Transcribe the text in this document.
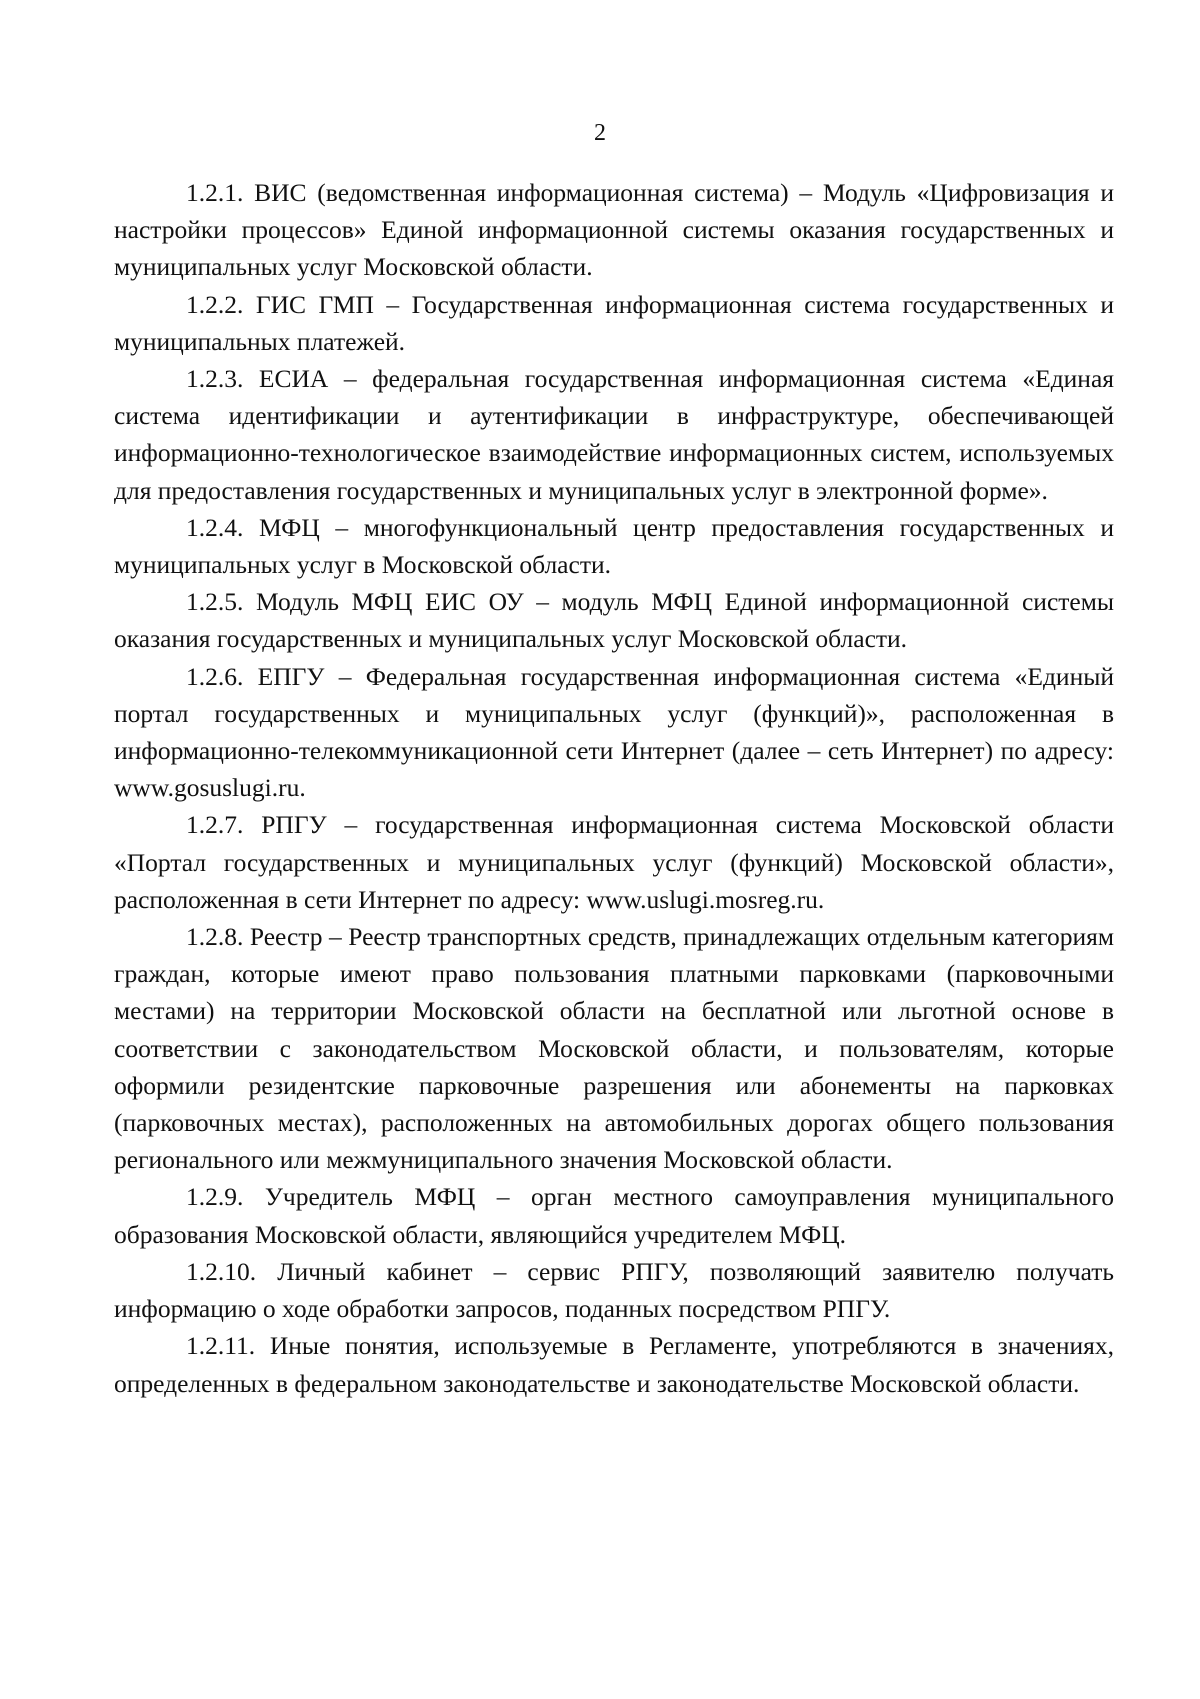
2

1.2.1. ВИС (ведомственная информационная система) – Модуль «Цифровизация и настройки процессов» Единой информационной системы оказания государственных и муниципальных услуг Московской области.

1.2.2. ГИС ГМП – Государственная информационная система государственных и муниципальных платежей.

1.2.3. ЕСИА – федеральная государственная информационная система «Единая система идентификации и аутентификации в инфраструктуре, обеспечивающей информационно-технологическое взаимодействие информационных систем, используемых для предоставления государственных и муниципальных услуг в электронной форме».

1.2.4. МФЦ – многофункциональный центр предоставления государственных и муниципальных услуг в Московской области.

1.2.5. Модуль МФЦ ЕИС ОУ – модуль МФЦ Единой информационной системы оказания государственных и муниципальных услуг Московской области.

1.2.6. ЕПГУ – Федеральная государственная информационная система «Единый портал государственных и муниципальных услуг (функций)», расположенная в информационно-телекоммуникационной сети Интернет (далее – сеть Интернет) по адресу: www.gosuslugi.ru.

1.2.7. РПГУ – государственная информационная система Московской области «Портал государственных и муниципальных услуг (функций) Московской области», расположенная в сети Интернет по адресу: www.uslugi.mosreg.ru.

1.2.8. Реестр – Реестр транспортных средств, принадлежащих отдельным категориям граждан, которые имеют право пользования платными парковками (парковочными местами) на территории Московской области на бесплатной или льготной основе в соответствии с законодательством Московской области, и пользователям, которые оформили резидентские парковочные разрешения или абонементы на парковках (парковочных местах), расположенных на автомобильных дорогах общего пользования регионального или межмуниципального значения Московской области.

1.2.9. Учредитель МФЦ – орган местного самоуправления муниципального образования Московской области, являющийся учредителем МФЦ.

1.2.10. Личный кабинет – сервис РПГУ, позволяющий заявителю получать информацию о ходе обработки запросов, поданных посредством РПГУ.

1.2.11. Иные понятия, используемые в Регламенте, употребляются в значениях, определенных в федеральном законодательстве и законодательстве Московской области.
